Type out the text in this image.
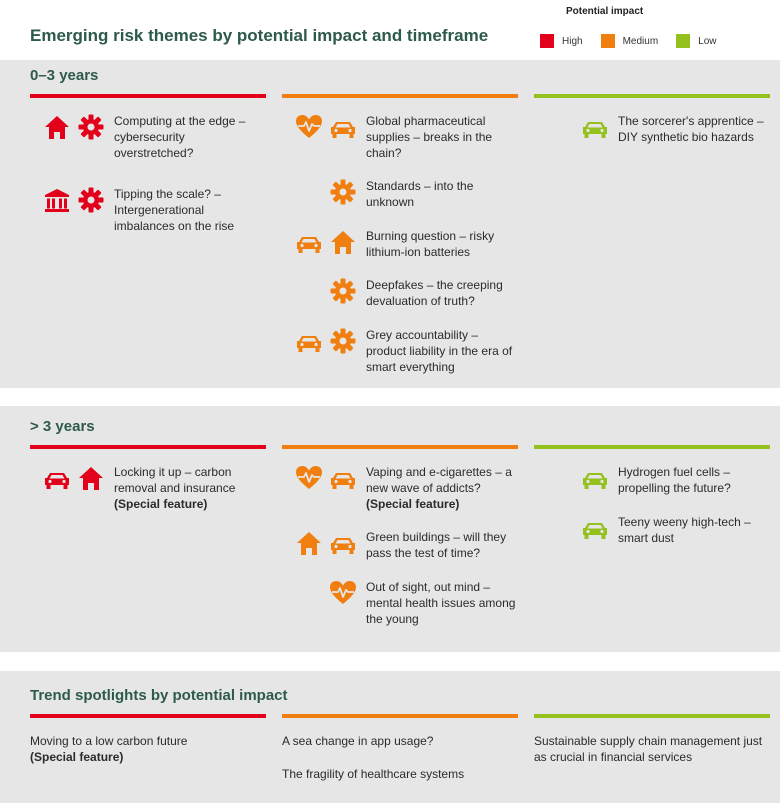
Emerging risk themes by potential impact and timeframe
Potential impact
High	Medium	Low
0–3 years
Computing at the edge – cybersecurity overstretched?
Tipping the scale? – Intergenerational imbalances on the rise
Global pharmaceutical supplies – breaks in the chain?
Standards – into the unknown
Burning question – risky lithium-ion batteries
Deepfakes – the creeping devaluation of truth?
Grey accountability – product liability in the era of smart everything
The sorcerer's apprentice – DIY synthetic bio hazards
> 3 years
Locking it up – carbon removal and insurance
(Special feature)
Vaping and e-cigarettes – a new wave of addicts?
(Special feature)
Green buildings – will they pass the test of time?
Out of sight, out mind – mental health issues among the young
Hydrogen fuel cells – propelling the future?
Teeny weeny high-tech – smart dust
Trend spotlights by potential impact
Moving to a low carbon future
(Special feature)
A sea change in app usage?
The fragility of healthcare systems
Sustainable supply chain management just as crucial in financial services
